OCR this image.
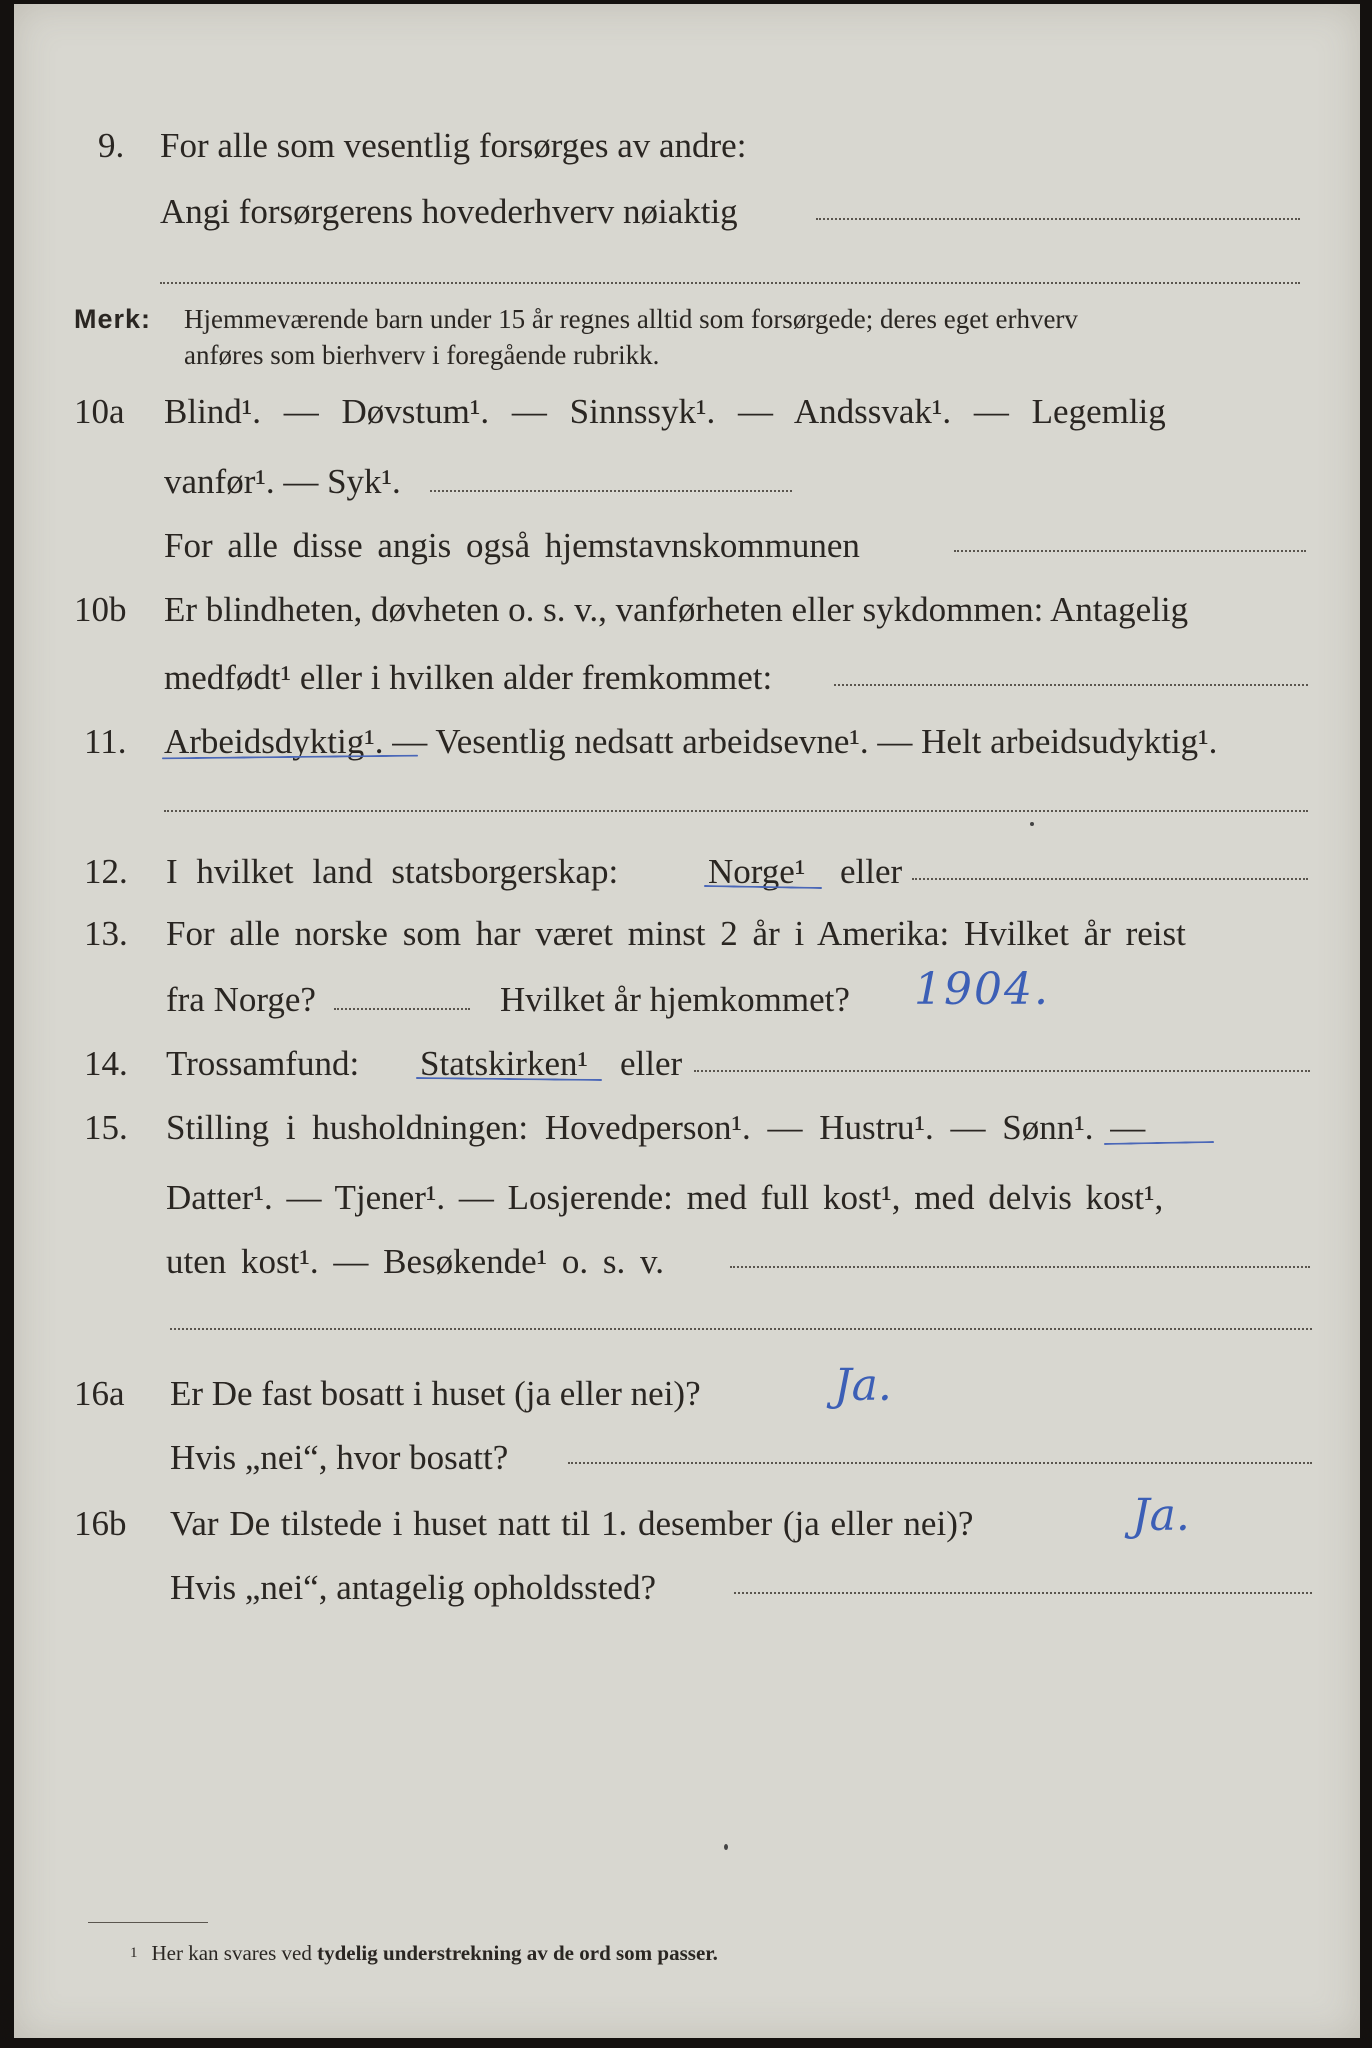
9. For alle som vesentlig forsørges av andre:
Angi forsørgerens hovederhverv nøiaktig
Merk: Hjemmeværende barn under 15 år regnes alltid som forsørgede; deres eget erhverv
anføres som bierhverv i foregående rubrikk.
10a Blind¹. — Døvstum¹. — Sinnssyk¹. — Andssvak¹. — Legemlig
vanfør¹. — Syk¹.
For alle disse angis også hjemstavnskommunen
10b Er blindheten, døvheten o. s. v., vanførheten eller sykdommen: Antagelig
medfødt¹ eller i hvilken alder fremkommet:
11. Arbeidsdyktig¹. — Vesentlig nedsatt arbeidsevne¹. — Helt arbeidsudyktig¹.
12. I hvilket land statsborgerskap:	Norge¹ eller
13. For alle norske som har været minst 2 år i Amerika: Hvilket år reist
fra Norge?	Hvilket år hjemkommet? 1904.
14. Trossamfund: Statskirken¹ eller
15. Stilling i husholdningen: Hovedperson¹. — Hustru¹. — Sønn¹. —
Datter¹. — Tjener¹. — Losjerende: med full kost¹, med delvis kost¹,
uten kost¹. — Besøkende¹ o. s. v.
16a Er De fast bosatt i huset (ja eller nei)?	Ja.
Hvis „nei“, hvor bosatt?
16b Var De tilstede i huset natt til 1. desember (ja eller nei)?	Ja.
Hvis „nei“, antagelig opholdssted?
$^1$ Her kan svares ved tydelig understrekning av de ord som passer.
